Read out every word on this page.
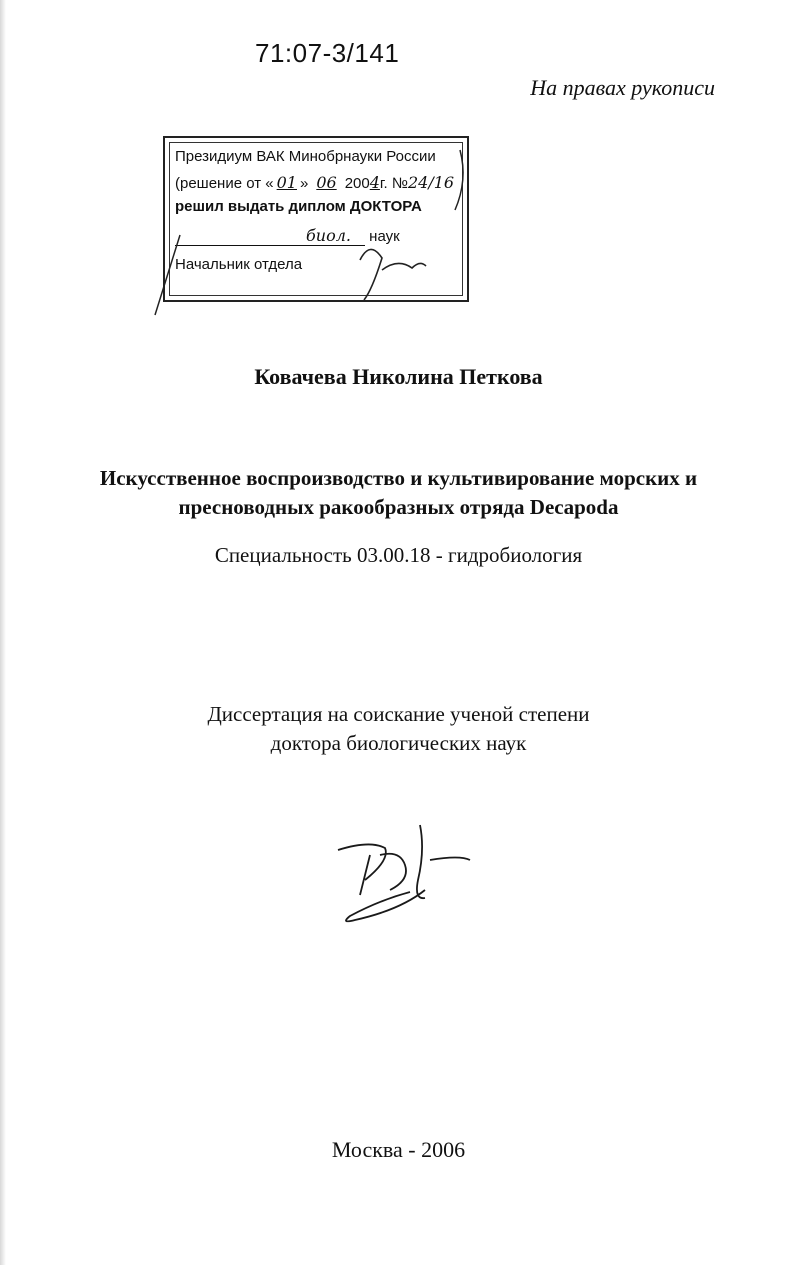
71:07-3/141
На правах рукописи
Президиум ВАК Минобрнауки России
(решение от « 01 » 06 2004г. №24/16
решил выдать диплом ДОКТОРА
биол. наук
Начальник отдела
Ковачева Николина Петкова
Искусственное воспроизводство и культивирование морских и
пресноводных ракообразных отряда Decapoda
Специальность 03.00.18 - гидробиология
Диссертация на соискание ученой степени
доктора биологических наук
Москва - 2006
